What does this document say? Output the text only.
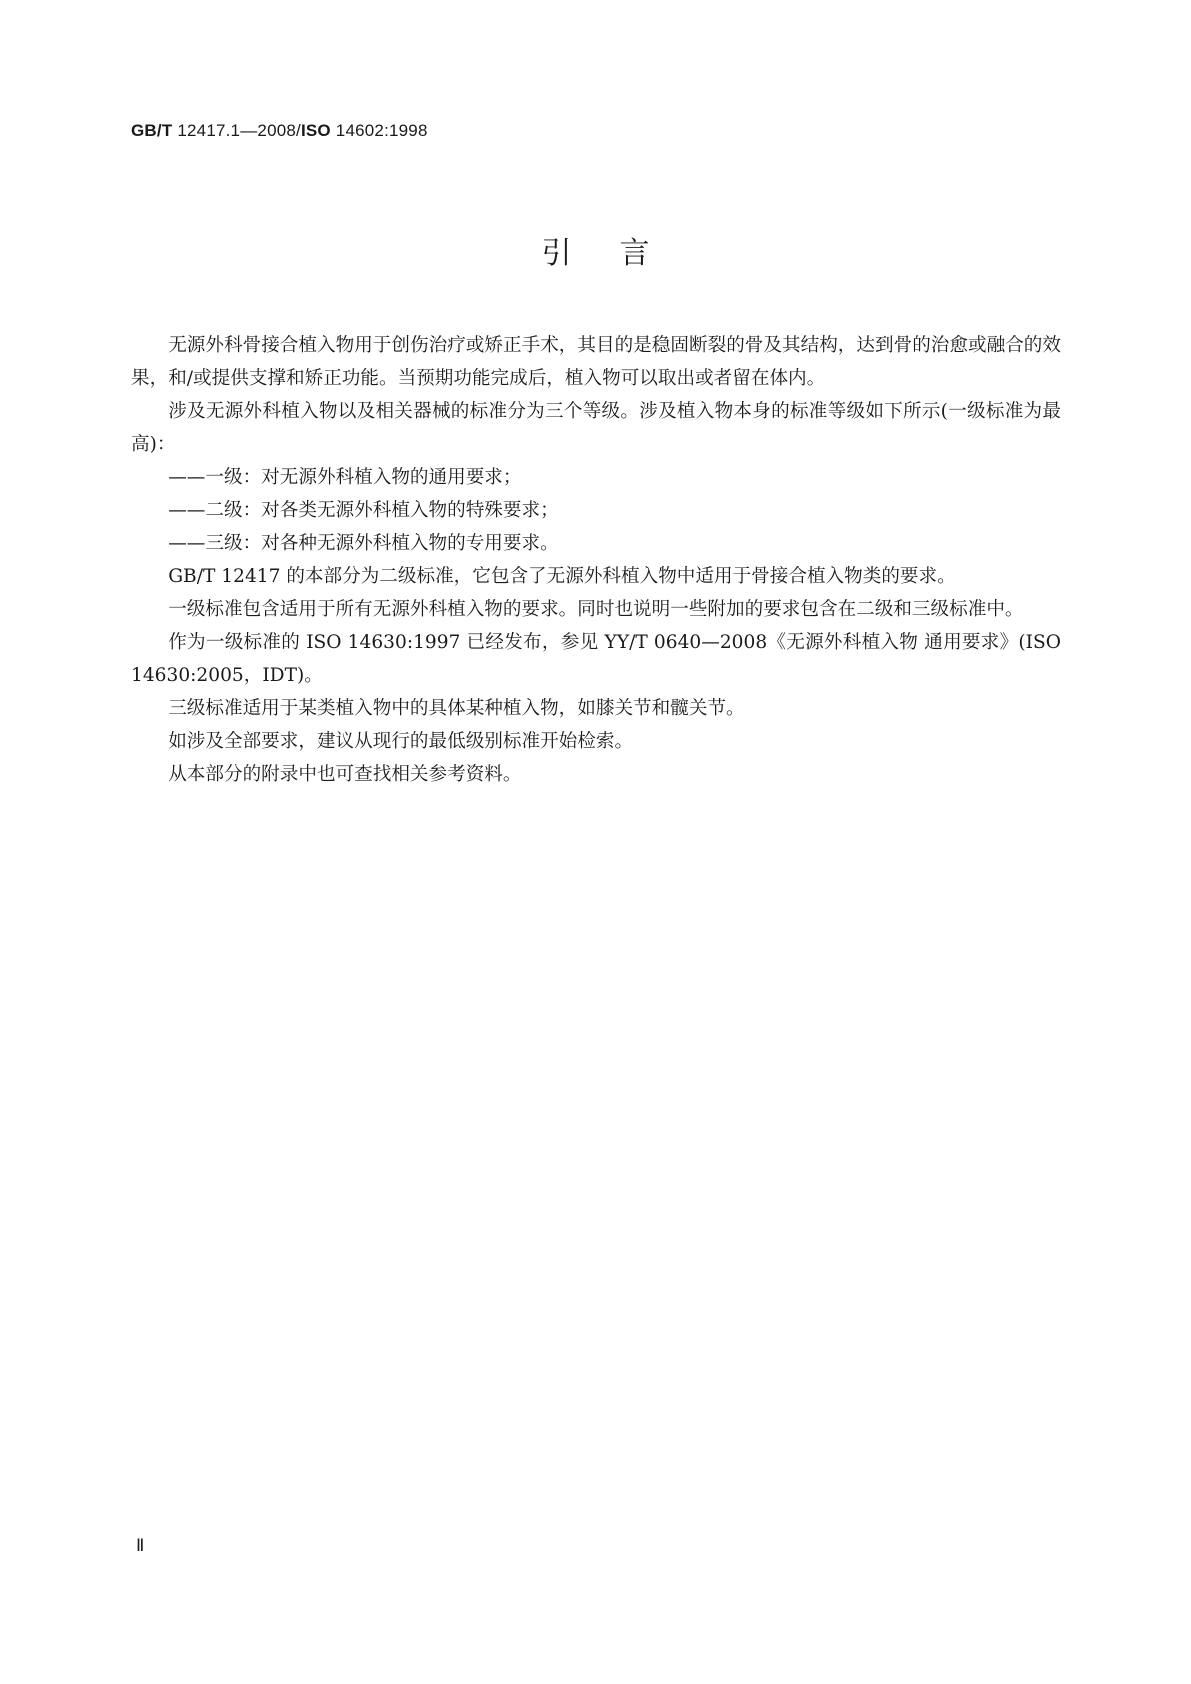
GB/T 12417.1—2008/ISO 14602:1998
引言

无源外科骨接合植入物用于创伤治疗或矫正手术，其目的是稳固断裂的骨及其结构，达到骨的治愈或融合的效果，和/或提供支撑和矫正功能。当预期功能完成后，植入物可以取出或者留在体内。

涉及无源外科植入物以及相关器械的标准分为三个等级。涉及植入物本身的标准等级如下所示(一级标准为最高)：

——一级：对无源外科植入物的通用要求；

——二级：对各类无源外科植入物的特殊要求；

——三级：对各种无源外科植入物的专用要求。

GB/T 12417 的本部分为二级标准，它包含了无源外科植入物中适用于骨接合植入物类的要求。

一级标准包含适用于所有无源外科植入物的要求。同时也说明一些附加的要求包含在二级和三级标准中。

作为一级标准的 ISO 14630:1997 已经发布，参见 YY/T 0640—2008《无源外科植入物 通用要求》(ISO 14630:2005，IDT)。

三级标准适用于某类植入物中的具体某种植入物，如膝关节和髋关节。

如涉及全部要求，建议从现行的最低级别标准开始检索。

从本部分的附录中也可查找相关参考资料。

Ⅱ
